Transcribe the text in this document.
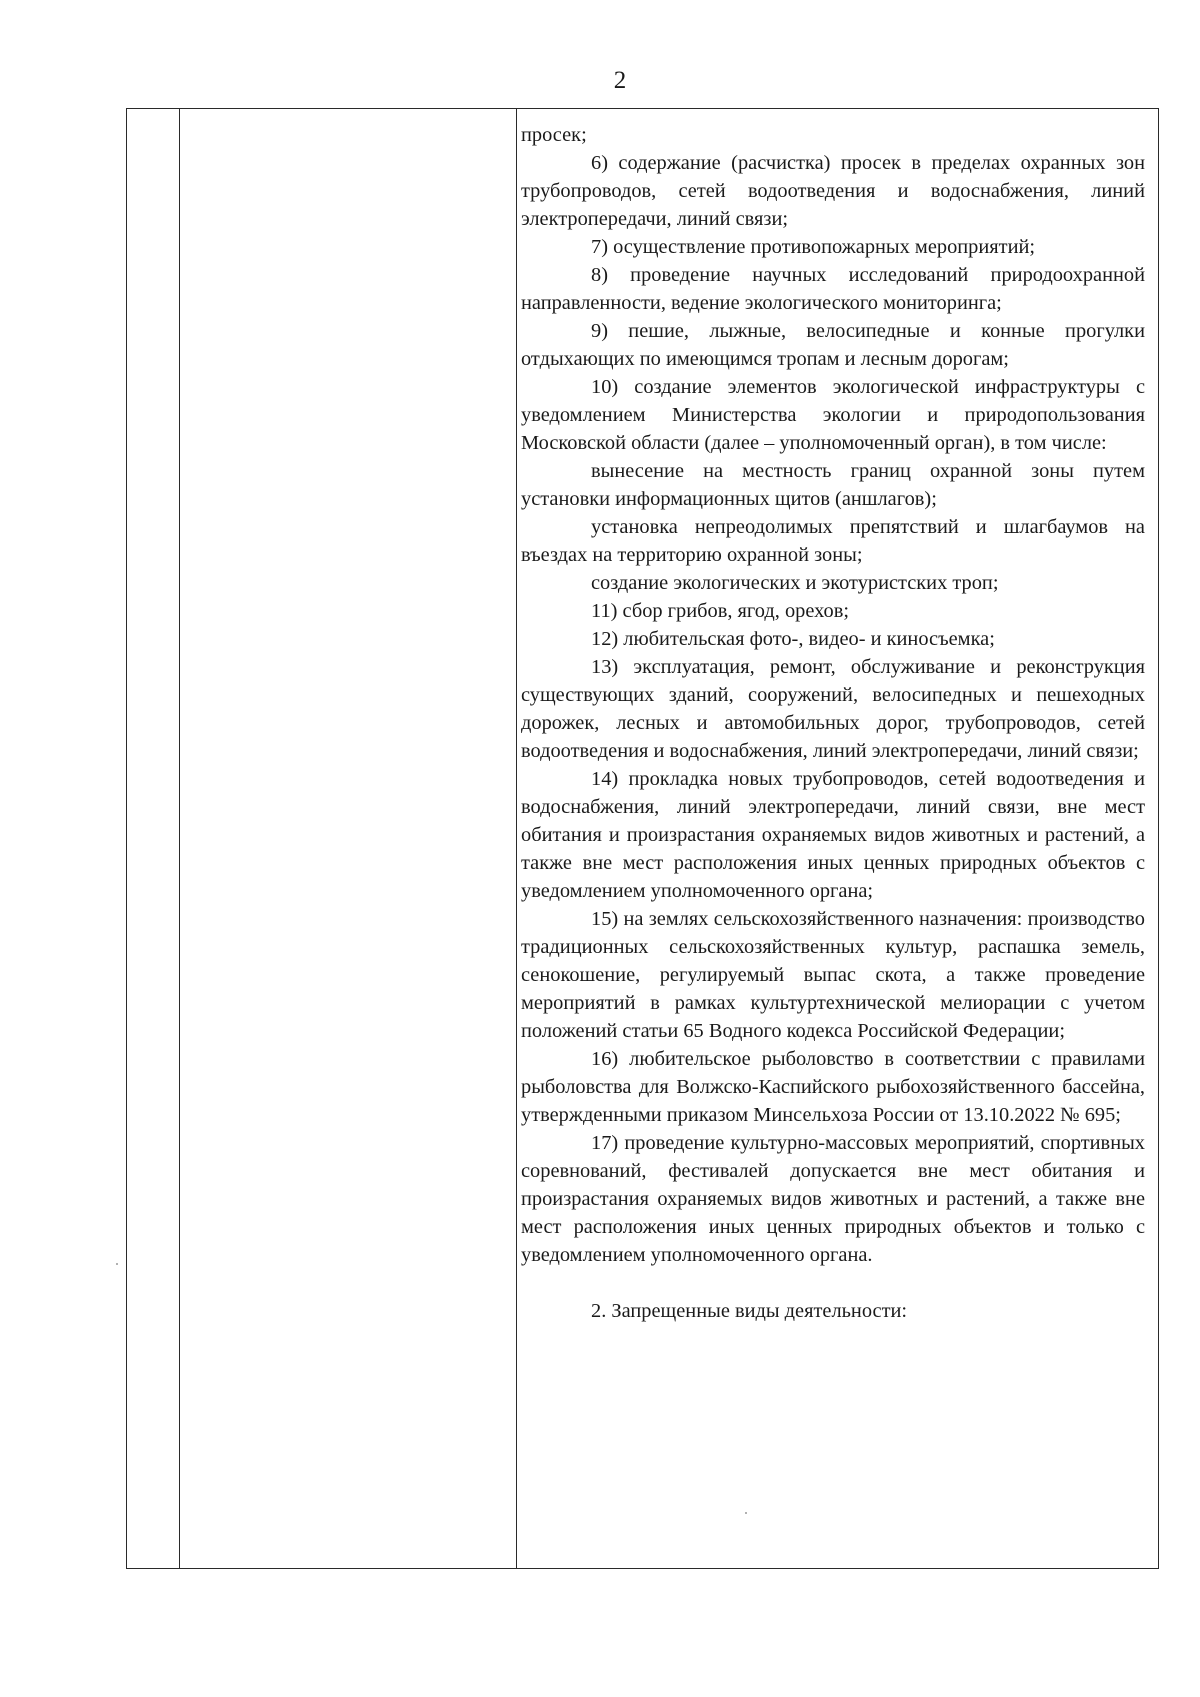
2

просек;

6) содержание (расчистка) просек в пределах охранных зон трубопроводов, сетей водоотведения и водоснабжения, линий электропередачи, линий связи;

7) осуществление противопожарных мероприятий;

8) проведение научных исследований природоохранной направленности, ведение экологического мониторинга;

9) пешие, лыжные, велосипедные и конные прогулки отдыхающих по имеющимся тропам и лесным дорогам;

10) создание элементов экологической инфраструктуры с уведомлением Министерства экологии и природопользования Московской области (далее – уполномоченный орган), в том числе:

вынесение на местность границ охранной зоны путем установки информационных щитов (аншлагов);

установка непреодолимых препятствий и шлагбаумов на въездах на территорию охранной зоны;

создание экологических и экотуристских троп;

11) сбор грибов, ягод, орехов;

12) любительская фото-, видео- и киносъемка;

13) эксплуатация, ремонт, обслуживание и реконструкция существующих зданий, сооружений, велосипедных и пешеходных дорожек, лесных и автомобильных дорог, трубопроводов, сетей водоотведения и водоснабжения, линий электропередачи, линий связи;

14) прокладка новых трубопроводов, сетей водоотведения и водоснабжения, линий электропередачи, линий связи, вне мест обитания и произрастания охраняемых видов животных и растений, а также вне мест расположения иных ценных природных объектов с уведомлением уполномоченного органа;

15) на землях сельскохозяйственного назначения: производство традиционных сельскохозяйственных культур, распашка земель, сенокошение, регулируемый выпас скота, а также проведение мероприятий в рамках культуртехнической мелиорации с учетом положений статьи 65 Водного кодекса Российской Федерации;

16) любительское рыболовство в соответствии с правилами рыболовства для Волжско-Каспийского рыбохозяйственного бассейна, утвержденными приказом Минсельхоза России от 13.10.2022 № 695;

17) проведение культурно-массовых мероприятий, спортивных соревнований, фестивалей допускается вне мест обитания и произрастания охраняемых видов животных и растений, а также вне мест расположения иных ценных природных объектов и только с уведомлением уполномоченного органа.

2. Запрещенные виды деятельности:
